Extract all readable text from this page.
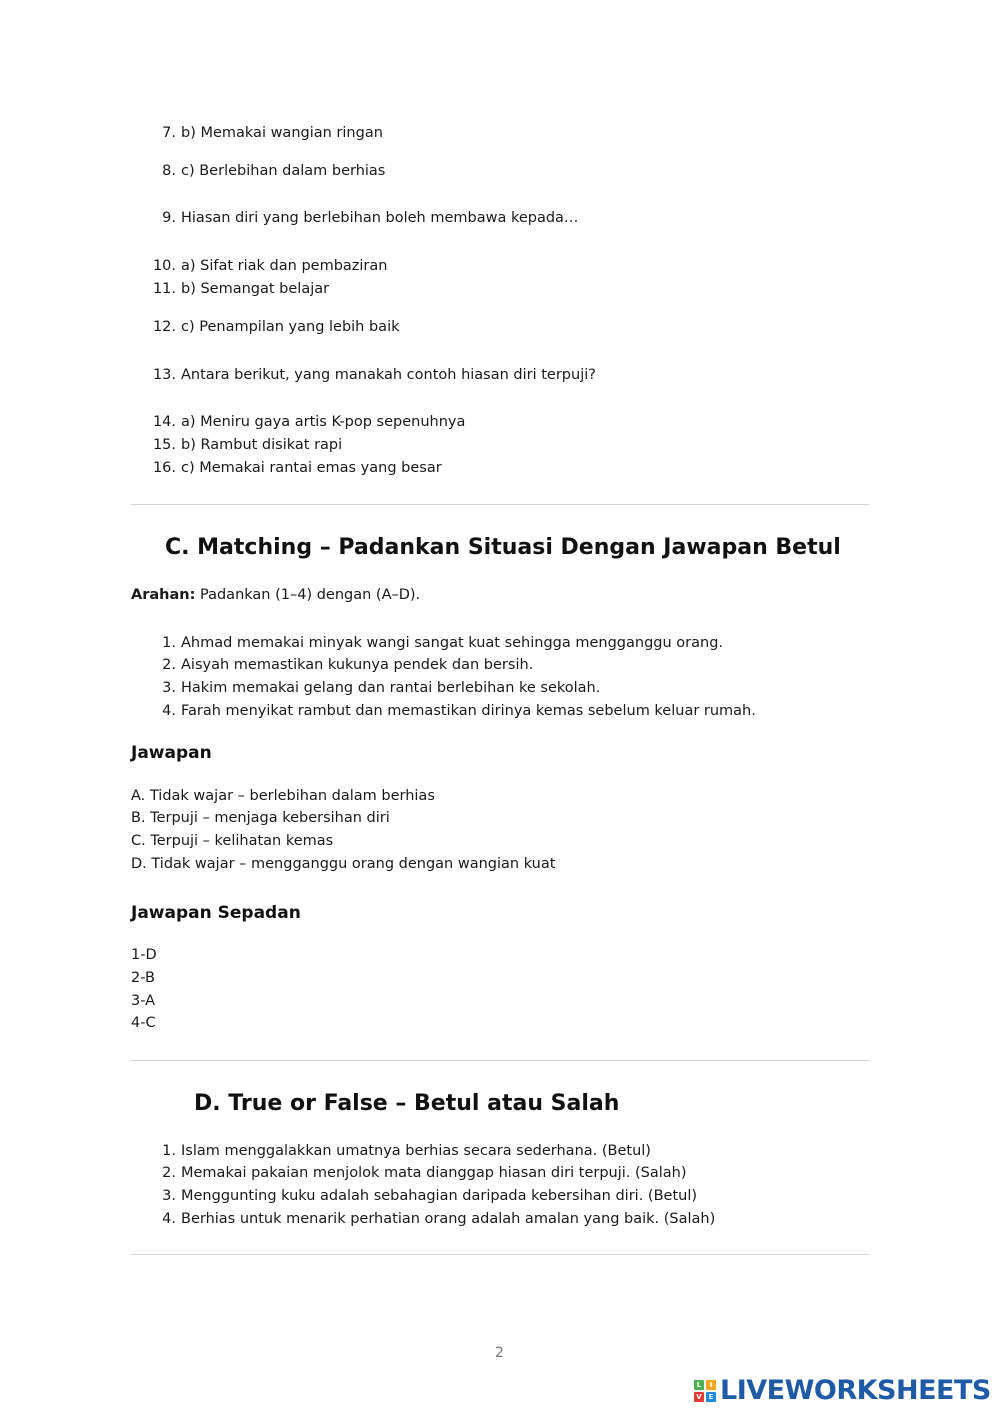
7. b) Memakai wangian ringan
8. c) Berlebihan dalam berhias
9. Hiasan diri yang berlebihan boleh membawa kepada…
10. a) Sifat riak dan pembaziran
11. b) Semangat belajar
12. c) Penampilan yang lebih baik
13. Antara berikut, yang manakah contoh hiasan diri terpuji?
14. a) Meniru gaya artis K-pop sepenuhnya
15. b) Rambut disikat rapi
16. c) Memakai rantai emas yang besar
C. Matching – Padankan Situasi Dengan Jawapan Betul
Arahan: Padankan (1–4) dengan (A–D).
1. Ahmad memakai minyak wangi sangat kuat sehingga mengganggu orang.
2. Aisyah memastikan kukunya pendek dan bersih.
3. Hakim memakai gelang dan rantai berlebihan ke sekolah.
4. Farah menyikat rambut dan memastikan dirinya kemas sebelum keluar rumah.
Jawapan
A. Tidak wajar – berlebihan dalam berhias
B. Terpuji – menjaga kebersihan diri
C. Terpuji – kelihatan kemas
D. Tidak wajar – mengganggu orang dengan wangian kuat
Jawapan Sepadan
1-D
2-B
3-A
4-C
D. True or False – Betul atau Salah
1. Islam menggalakkan umatnya berhias secara sederhana. (Betul)
2. Memakai pakaian menjolok mata dianggap hiasan diri terpuji. (Salah)
3. Menggunting kuku adalah sebahagian daripada kebersihan diri. (Betul)
4. Berhias untuk menarik perhatian orang adalah amalan yang baik. (Salah)
2
L	I
V E LIVEWORKSHEETS
